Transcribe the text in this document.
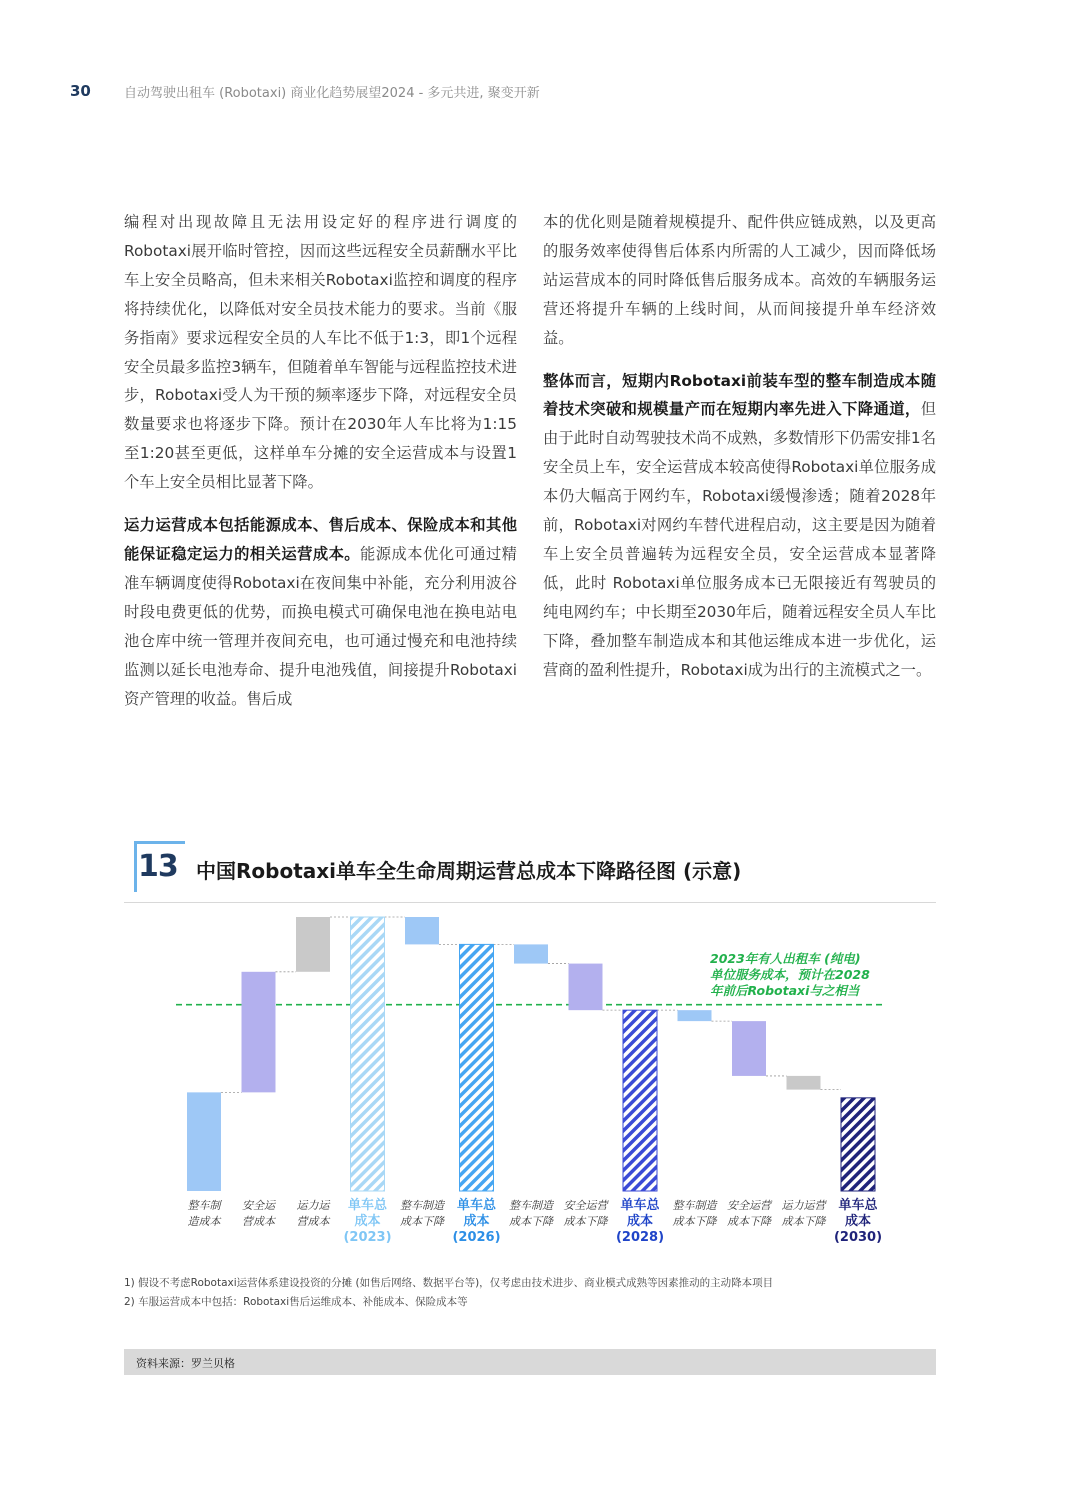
30	自动驾驶出租车 (Robotaxi) 商业化趋势展望2024 - 多元共进, 聚变开新

编程对出现故障且无法用设定好的程序进行调度的Robotaxi展开临时管控，因而这些远程安全员薪酬水平比车上安全员略高，但未来相关Robotaxi监控和调度的程序将持续优化，以降低对安全员技术能力的要求。当前《服务指南》要求远程安全员的人车比不低于1:3，即1个远程安全员最多监控3辆车，但随着单车智能与远程监控技术进步，Robotaxi受人为干预的频率逐步下降，对远程安全员数量要求也将逐步下降。预计在2030年人车比将为1:15 至1:20甚至更低，这样单车分摊的安全运营成本与设置1个车上安全员相比显著下降。

运力运营成本包括能源成本、售后成本、保险成本和其他能保证稳定运力的相关运营成本。能源成本优化可通过精准车辆调度使得Robotaxi在夜间集中补能，充分利用波谷时段电费更低的优势，而换电模式可确保电池在换电站电池仓库中统一管理并夜间充电，也可通过慢充和电池持续监测以延长电池寿命、提升电池残值，间接提升Robotaxi资产管理的收益。售后成

本的优化则是随着规模提升、配件供应链成熟，以及更高的服务效率使得售后体系内所需的人工减少，因而降低场站运营成本的同时降低售后服务成本。高效的车辆服务运营还将提升车辆的上线时间，从而间接提升单车经济效益。

整体而言，短期内Robotaxi前装车型的整车制造成本随着技术突破和规模量产而在短期内率先进入下降通道，但由于此时自动驾驶技术尚不成熟，多数情形下仍需安排1名安全员上车，安全运营成本较高使得Robotaxi单位服务成本仍大幅高于网约车，Robotaxi缓慢渗透；随着2028年前，Robotaxi对网约车替代进程启动，这主要是因为随着车上安全员普遍转为远程安全员，安全运营成本显著降低，此时 Robotaxi单位服务成本已无限接近有驾驶员的纯电网约车；中长期至2030年后，随着远程安全员人车比下降，叠加整车制造成本和其他运维成本进一步优化，运营商的盈利性提升，Robotaxi成为出行的主流模式之一。

13 中国Robotaxi单车全生命周期运营总成本下降路径图 (示意)
2023年有人出租车 (纯电)
单位服务成本，预计在2028
年前后Robotaxi与之相当
整车制
造成本
安全运
营成本
运力运
营成本
单车总
成本
(2023)
整车制造
成本下降
单车总
成本
(2026)
整车制造
成本下降
安全运营
成本下降
单车总
成本
(2028)
整车制造
成本下降
安全运营
成本下降
运力运营
成本下降
单车总
成本
(2030)
1) 假设不考虑Robotaxi运营体系建设投资的分摊 (如售后网络、数据平台等)，仅考虑由技术进步、商业模式成熟等因素推动的主动降本项目
2) 车服运营成本中包括：Robotaxi售后运维成本、补能成本、保险成本等
资料来源：罗兰贝格
